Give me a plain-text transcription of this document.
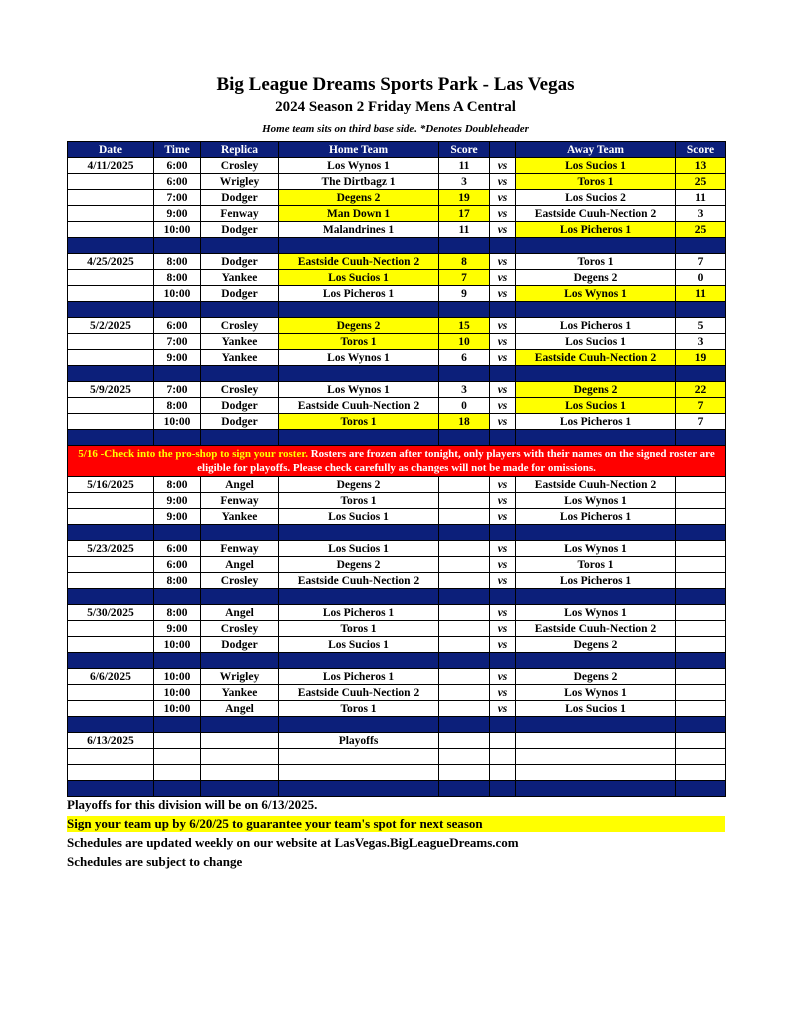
Big League Dreams Sports Park - Las Vegas
2024 Season 2 Friday Mens A Central
Home team sits on third base side. *Denotes Doubleheader
Date	Time	Replica	Home Team	Score		Away Team	Score
4/11/2025	6:00	Crosley	Los Wynos 1	11	vs	Los Sucios 1	13
	6:00	Wrigley	The Dirtbagz 1	3	vs	Toros 1	25
	7:00	Dodger	Degens 2	19	vs	Los Sucios 2	11
	9:00	Fenway	Man Down 1	17	vs	Eastside Cuuh-Nection 2	3
	10:00	Dodger	Malandrines 1	11	vs	Los Picheros 1	25

4/25/2025	8:00	Dodger	Eastside Cuuh-Nection 2	8	vs	Toros 1	7
	8:00	Yankee	Los Sucios 1	7	vs	Degens 2	0
	10:00	Dodger	Los Picheros 1	9	vs	Los Wynos 1	11

5/2/2025	6:00	Crosley	Degens 2	15	vs	Los Picheros 1	5
	7:00	Yankee	Toros 1	10	vs	Los Sucios 1	3
	9:00	Yankee	Los Wynos 1	6	vs	Eastside Cuuh-Nection 2	19

5/9/2025	7:00	Crosley	Los Wynos 1	3	vs	Degens 2	22
	8:00	Dodger	Eastside Cuuh-Nection 2	0	vs	Los Sucios 1	7
	10:00	Dodger	Toros 1	18	vs	Los Picheros 1	7

5/16 -Check into the pro-shop to sign your roster. Rosters are frozen after tonight, only players with their names on the signed roster are eligible for playoffs. Please check carefully as changes will not be made for omissions.							
5/16/2025	8:00	Angel	Degens 2		vs	Eastside Cuuh-Nection 2	
	9:00	Fenway	Toros 1		vs	Los Wynos 1	
	9:00	Yankee	Los Sucios 1		vs	Los Picheros 1	

5/23/2025	6:00	Fenway	Los Sucios 1		vs	Los Wynos 1	
	6:00	Angel	Degens 2		vs	Toros 1	
	8:00	Crosley	Eastside Cuuh-Nection 2		vs	Los Picheros 1	

5/30/2025	8:00	Angel	Los Picheros 1		vs	Los Wynos 1	
	9:00	Crosley	Toros 1		vs	Eastside Cuuh-Nection 2	
	10:00	Dodger	Los Sucios 1		vs	Degens 2	

6/6/2025	10:00	Wrigley	Los Picheros 1		vs	Degens 2	
	10:00	Yankee	Eastside Cuuh-Nection 2		vs	Los Wynos 1	
	10:00	Angel	Toros 1		vs	Los Sucios 1	

6/13/2025			Playoffs				

Playoffs for this division will be on 6/13/2025.
Sign your team up by 6/20/25 to guarantee your team's spot for next season
Schedules are updated weekly on our website at LasVegas.BigLeagueDreams.com
Schedules are subject to change
